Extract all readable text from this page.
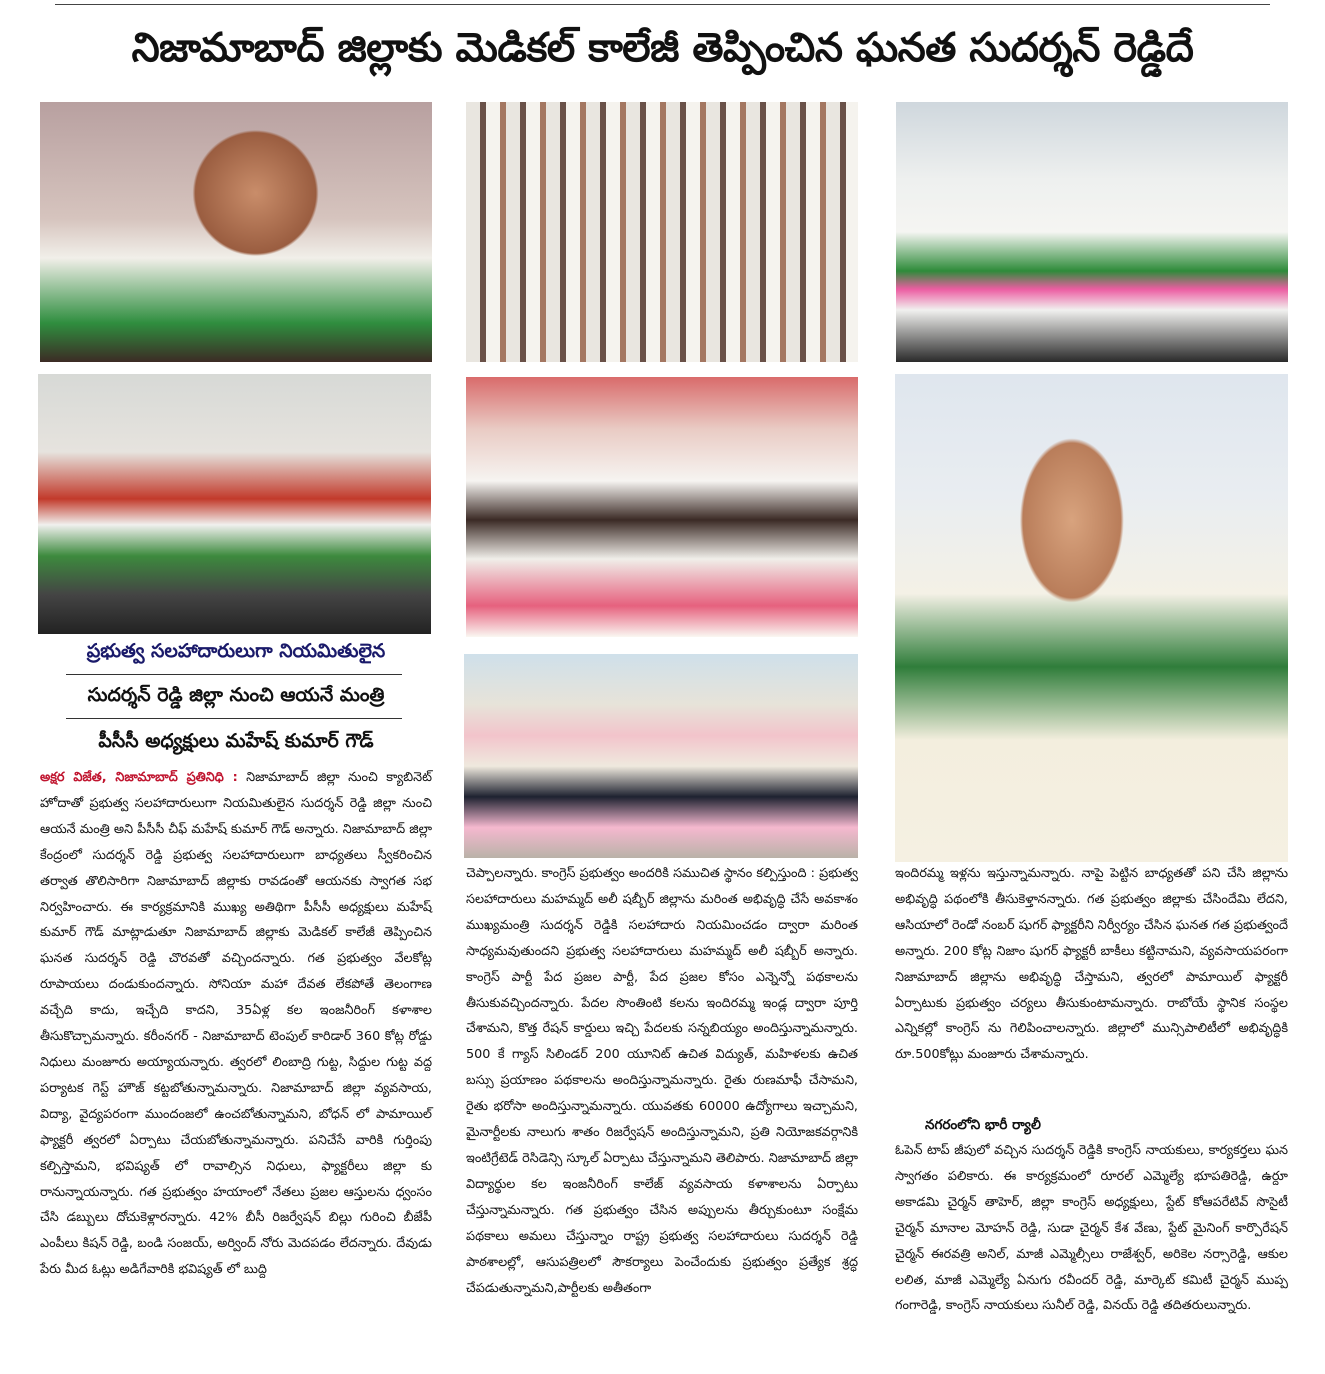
నిజామాబాద్ జిల్లాకు మెడికల్ కాలేజీ తెప్పించిన ఘనత సుదర్శన్ రెడ్డిదే
ప్రభుత్వ సలహాదారులుగా నియమితులైన
సుదర్శన్ రెడ్డి జిల్లా నుంచి ఆయనే మంత్రి
పీసీసీ అధ్యక్షులు మహేష్ కుమార్ గౌడ్

అక్షర విజేత, నిజామాబాద్ ప్రతినిధి : నిజామాబాద్ జిల్లా నుంచి క్యాబినెట్ హోదాతో ప్రభుత్వ సలహాదారులుగా నియమితులైన సుదర్శన్ రెడ్డి జిల్లా నుంచి ఆయనే మంత్రి అని పీసీసీ చీఫ్ మహేష్ కుమార్ గౌడ్ అన్నారు. నిజామాబాద్ జిల్లా కేంద్రంలో సుదర్శన్ రెడ్డి ప్రభుత్వ సలహాదారులుగా బాధ్యతలు స్వీకరించిన తర్వాత తొలిసారిగా నిజామాబాద్ జిల్లాకు రావడంతో ఆయనకు స్వాగత సభ నిర్వహించారు. ఈ కార్యక్రమానికి ముఖ్య అతిథిగా పీసీసీ అధ్యక్షులు మహేష్ కుమార్ గౌడ్ మాట్లాడుతూ నిజామాబాద్ జిల్లాకు మెడికల్ కాలేజీ తెప్పించిన ఘనత సుదర్శన్ రెడ్డి చొరవతో వచ్చిందన్నారు. గత ప్రభుత్వం వేలకోట్ల రూపాయలు దండుకుందన్నారు. సోనియా మహా దేవత లేకపోతే తెలంగాణ వచ్చేది కాదు, ఇచ్చేది కాదని, 35ఏళ్ల కల ఇంజనీరింగ్ కళాశాల తీసుకొచ్చామన్నారు. కరీంనగర్ - నిజామాబాద్ టెంపుల్ కారిడార్ 360 కోట్ల రోడ్డు నిధులు మంజూరు అయ్యాయన్నారు. త్వరలో లింబాద్రి గుట్ట, సిద్దుల గుట్ట వద్ద పర్యాటక గెస్ట్ హౌజ్ కట్టబోతున్నామన్నారు. నిజామాబాద్ జిల్లా వ్యవసాయ, విద్యా, వైద్యపరంగా ముందంజలో ఉంచబోతున్నామని, బోధన్ లో పామాయిల్ ఫ్యాక్టరీ త్వరలో ఏర్పాటు చేయబోతున్నామన్నారు. పనిచేసే వారికి గుర్తింపు కల్పిస్తామని, భవిష్యత్ లో రావాల్సిన నిధులు, ఫ్యాక్టరీలు జిల్లా కు రానున్నాయన్నారు. గత ప్రభుత్వం హయాంలో నేతలు ప్రజల ఆస్తులను ధ్వంసం చేసి డబ్బులు దోచుకెళ్లారన్నారు. 42% బీసీ రిజర్వేషన్ బిల్లు గురించి బీజేపీ ఎంపీలు కిషన్ రెడ్డి, బండి సంజయ్, అర్వింద్ నోరు మెదపడం లేదన్నారు. దేవుడు పేరు మీద ఓట్లు అడిగేవారికి భవిష్యత్ లో బుద్ది

చెప్పాలన్నారు. కాంగ్రెస్ ప్రభుత్వం అందరికి సముచిత స్థానం కల్పిస్తుంది : ప్రభుత్వ సలహాదారులు మహమ్మద్ అలీ షబ్బీర్ జిల్లాను మరింత అభివృద్ధి చేసే అవకాశం ముఖ్యమంత్రి సుదర్శన్ రెడ్డికి సలహాదారు నియమించడం ద్వారా మరింత సాధ్యమవుతుందని ప్రభుత్వ సలహాదారులు మహమ్మద్ అలీ షబ్బీర్ అన్నారు. కాంగ్రెస్ పార్టీ పేద ప్రజల పార్టీ, పేద ప్రజల కోసం ఎన్నెన్నో పథకాలను తీసుకువచ్చిందన్నారు. పేదల సొంతింటి కలను ఇందిరమ్మ ఇండ్ల ద్వారా పూర్తి చేశామని, కొత్త రేషన్ కార్డులు ఇచ్చి పేదలకు సన్నబియ్యం అందిస్తున్నామన్నారు. 500 కే గ్యాస్ సిలిండర్ 200 యూనిట్ ఉచిత విద్యుత్, మహిళలకు ఉచిత బస్సు ప్రయాణం పథకాలను అందిస్తున్నామన్నారు. రైతు రుణమాఫీ చేసామని, రైతు భరోసా అందిస్తున్నామన్నారు. యువతకు 60000 ఉద్యోగాలు ఇచ్చామని, మైనార్టీలకు నాలుగు శాతం రిజర్వేషన్ అందిస్తున్నామని, ప్రతి నియోజకవర్గానికి ఇంటిగ్రేటెడ్ రెసిడెన్సి స్కూల్ ఏర్పాటు చేస్తున్నామని తెలిపారు. నిజామాబాద్ జిల్లా విద్యార్థుల కల ఇంజనీరింగ్ కాలేజ్ వ్యవసాయ కళాశాలను ఏర్పాటు చేస్తున్నామన్నారు. గత ప్రభుత్వం చేసిన అప్పులను తీర్చుకుంటూ సంక్షేమ పథకాలు అమలు చేస్తున్నాం రాష్ట్ర ప్రభుత్వ సలహాదారులు సుదర్శన్ రెడ్డి పాఠశాలల్లో, ఆసుపత్రిలలో సౌకర్యాలు పెంచేందుకు ప్రభుత్వం ప్రత్యేక శ్రద్ధ చేపడుతున్నామని,పార్టీలకు అతీతంగా

ఇందిరమ్మ ఇళ్లను ఇస్తున్నామన్నారు. నాపై పెట్టిన బాధ్యతతో పని చేసి జిల్లాను అభివృద్ధి పథంలోకి తీసుకెళ్తానన్నారు. గత ప్రభుత్వం జిల్లాకు చేసిందేమి లేదని, ఆసియాలో రెండో నంబర్ షుగర్ ఫ్యాక్టరీని నిర్వీర్యం చేసిన ఘనత గత ప్రభుత్వందే అన్నారు. 200 కోట్ల నిజాం షుగర్ ఫ్యాక్టరీ బాకీలు కట్టినామని, వ్యవసాయపరంగా నిజామాబాద్ జిల్లాను అభివృద్ధి చేస్తామని, త్వరలో పామాయిల్ ఫ్యాక్టరీ ఏర్పాటుకు ప్రభుత్వం చర్యలు తీసుకుంటామన్నారు. రాబోయే స్థానిక సంస్థల ఎన్నికల్లో కాంగ్రెస్ ను గెలిపించాలన్నారు. జిల్లాలో మున్సిపాలిటీలో అభివృద్ధికి రూ.500కోట్లు మంజూరు చేశామన్నారు.

నగరంలోని భారీ ర్యాలీ

ఓపెన్ టాప్ జీపులో వచ్చిన సుదర్శన్ రెడ్డికి కాంగ్రెస్ నాయకులు, కార్యకర్తలు ఘన స్వాగతం పలికారు. ఈ కార్యక్రమంలో రూరల్ ఎమ్మెల్యే భూపతిరెడ్డి, ఉర్దూ అకాడమి చైర్మన్ తాహెర్, జిల్లా కాంగ్రెస్ అధ్యక్షులు, స్టేట్ కోఆపరేటివ్ సొసైటీ చైర్మన్ మానాల మోహన్ రెడ్డి, సుడా చైర్మన్ కేశ వేణు, స్టేట్ మైనింగ్ కార్పొరేషన్ చైర్మన్ ఈరవత్రి అనిల్, మాజీ ఎమ్మెల్సీలు రాజేశ్వర్, అరికెల నర్సారెడ్డి, ఆకుల లలిత, మాజీ ఎమ్మెల్యే ఏనుగు రవీందర్ రెడ్డి, మార్కెట్ కమిటీ చైర్మన్ ముప్ప గంగారెడ్డి, కాంగ్రెస్ నాయకులు సునీల్ రెడ్డి, వినయ్ రెడ్డి తదితరులున్నారు.
